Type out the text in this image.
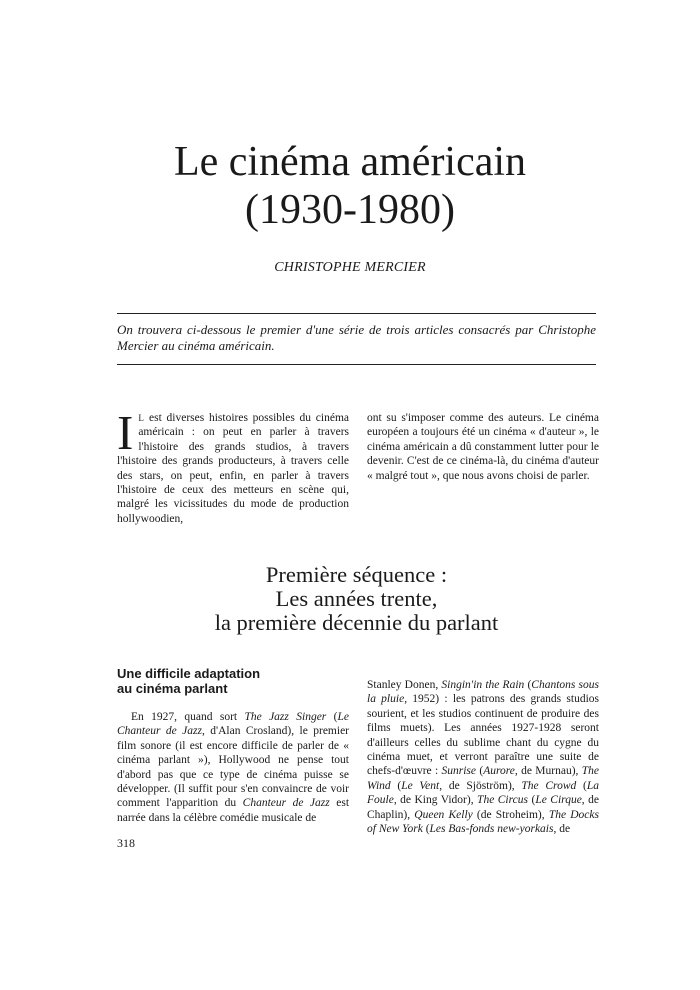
Le cinéma américain
(1930-1980)
CHRISTOPHE MERCIER
On trouvera ci-dessous le premier d'une série de trois articles consacrés par Christophe Mercier au cinéma américain.

I L est diverses histoires possibles du cinéma américain : on peut en parler à travers l'histoire des grands studios, à travers l'histoire des grands producteurs, à travers celle des stars, on peut, enfin, en parler à travers l'histoire de ceux des metteurs en scène qui, malgré les vicissitudes du mode de production hollywoodien,

ont su s'imposer comme des auteurs. Le cinéma européen a toujours été un cinéma « d'auteur », le cinéma américain a dû constamment lutter pour le devenir. C'est de ce cinéma-là, du cinéma d'auteur « malgré tout », que nous avons choisi de parler.

Première séquence :
Les années trente,
la première décennie du parlant
Une difficile adaptation
au cinéma parlant

En 1927, quand sort The Jazz Singer (Le Chanteur de Jazz, d'Alan Crosland), le premier film sonore (il est encore difficile de parler de « cinéma parlant »), Hollywood ne pense tout d'abord pas que ce type de cinéma puisse se développer. (Il suffit pour s'en convaincre de voir comment l'apparition du Chanteur de Jazz est narrée dans la célèbre comédie musicale de

Stanley Donen, Singin'in the Rain (Chantons sous la pluie, 1952) : les patrons des grands studios sourient, et les studios continuent de produire des films muets). Les années 1927-1928 seront d'ailleurs celles du sublime chant du cygne du cinéma muet, et verront paraître une suite de chefs-d'œuvre : Sunrise (Aurore, de Murnau), The Wind (Le Vent, de Sjöström), The Crowd (La Foule, de King Vidor), The Circus (Le Cirque, de Chaplin), Queen Kelly (de Stroheim), The Docks of New York (Les Bas-fonds new-yorkais, de

318
